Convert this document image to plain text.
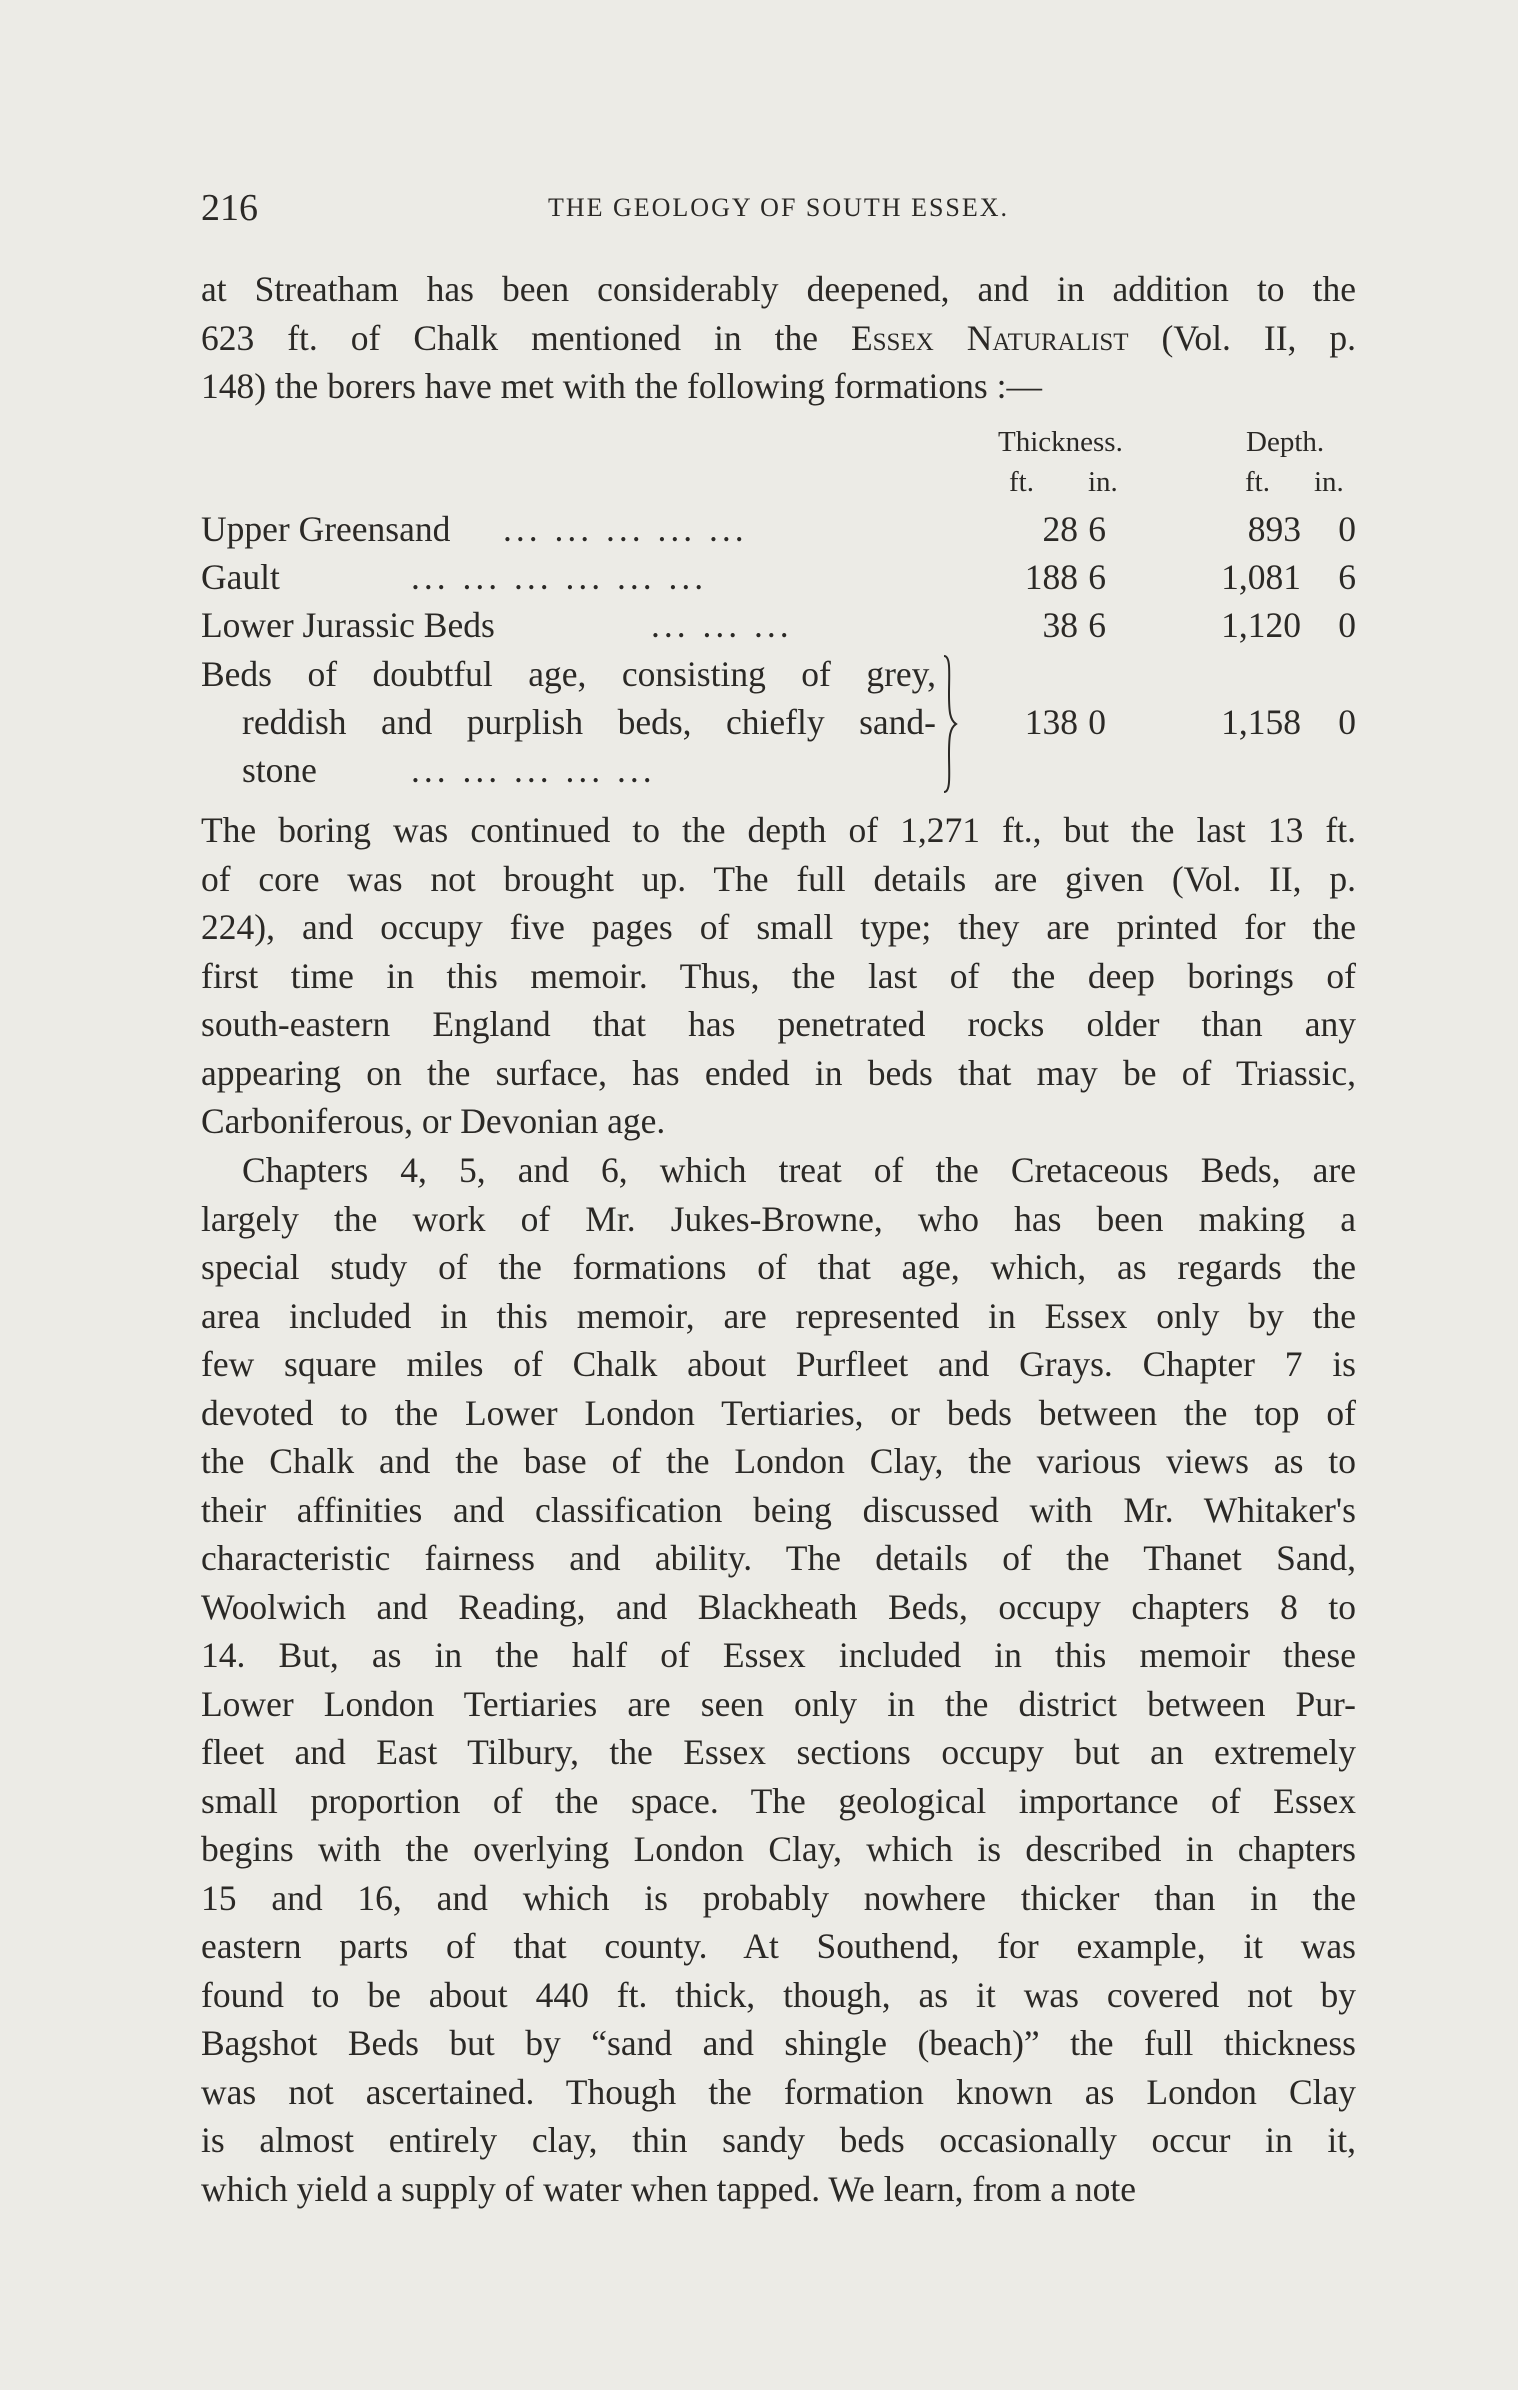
216	THE GEOLOGY OF SOUTH ESSEX.
at Streatham has been considerably deepened, and in addition to the
623 ft. of Chalk mentioned in the Essex Naturalist (Vol. II, p.
148) the borers have met with the following formations :—
Thickness.	Depth.
ft. in.	ft. in.
Upper Greensand ... ... ... ... ...	28 6	893 0
Gault	... ... ... ... ... ...	188 6	1,081 6
Lower Jurassic Beds	... ... ...	38 6	1,120 0
Beds of doubtful age, consisting of grey,
reddish and purplish beds, chiefly sand-
stone	... ... ... ... ...
138 0	1,158 0
The boring was continued to the depth of 1,271 ft., but the last 13 ft.
of core was not brought up. The full details are given (Vol. II, p.
224), and occupy five pages of small type; they are printed for the
first time in this memoir. Thus, the last of the deep borings of
south-eastern England that has penetrated rocks older than any
appearing on the surface, has ended in beds that may be of Triassic,
Carboniferous, or Devonian age.
Chapters 4, 5, and 6, which treat of the Cretaceous Beds, are
largely the work of Mr. Jukes-Browne, who has been making a
special study of the formations of that age, which, as regards the
area included in this memoir, are represented in Essex only by the
few square miles of Chalk about Purfleet and Grays. Chapter 7 is
devoted to the Lower London Tertiaries, or beds between the top of
the Chalk and the base of the London Clay, the various views as to
their affinities and classification being discussed with Mr. Whitaker's
characteristic fairness and ability. The details of the Thanet Sand,
Woolwich and Reading, and Blackheath Beds, occupy chapters 8 to
14. But, as in the half of Essex included in this memoir these
Lower London Tertiaries are seen only in the district between Pur-
fleet and East Tilbury, the Essex sections occupy but an extremely
small proportion of the space. The geological importance of Essex
begins with the overlying London Clay, which is described in chapters
15 and 16, and which is probably nowhere thicker than in the
eastern parts of that county. At Southend, for example, it was
found to be about 440 ft. thick, though, as it was covered not by
Bagshot Beds but by “sand and shingle (beach)” the full thickness
was not ascertained. Though the formation known as London Clay
is almost entirely clay, thin sandy beds occasionally occur in it,
which yield a supply of water when tapped. We learn, from a note
